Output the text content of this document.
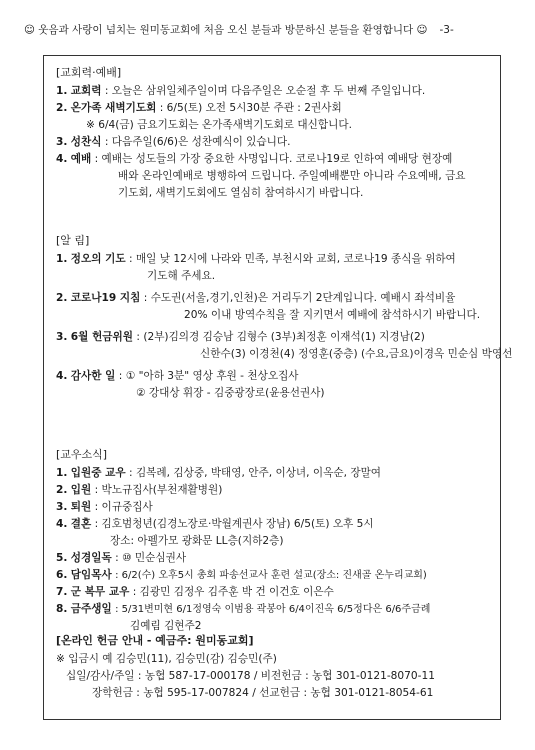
☺ 웃음과 사랑이 넘치는 원미동교회에 처음 오신 분들과 방문하신 분들을 환영합니다 ☺ -3-
[교회력·예배]
1. 교회력 : 오늘은 삼위일체주일이며 다음주일은 오순절 후 두 번째 주일입니다.
2. 온가족 새벽기도회 : 6/5(토) 오전 5시30분 주관 : 2권사회
※ 6/4(금) 금요기도회는 온가족새벽기도회로 대신합니다.
3. 성찬식 : 다음주일(6/6)은 성찬예식이 있습니다.
4. 예배 : 예배는 성도들의 가장 중요한 사명입니다. 코로나19로 인하여 예배당 현장예
배와 온라인예배로 병행하여 드립니다. 주일예배뿐만 아니라 수요예배, 금요
기도회, 새벽기도회에도 열심히 참여하시기 바랍니다.
[알 림]
1. 정오의 기도 : 매일 낮 12시에 나라와 민족, 부천시와 교회, 코로나19 종식을 위하여
기도해 주세요.
2. 코로나19 지침 : 수도권(서울,경기,인천)은 거리두기 2단계입니다. 예배시 좌석비율
20% 이내 방역수칙을 잘 지키면서 예배에 참석하시기 바랍니다.
3. 6월 헌금위원 : (2부)김의경 김승남 김형수 (3부)최정훈 이재석(1) 지경남(2)
신한수(3) 이경천(4) 정영훈(중층) (수요,금요)이경옥 민순심 박영선
4. 감사한 일 : ① "아하 3분" 영상 후원 - 천상오집사
② 강대상 휘장 - 김중광장로(윤용선권사)
[교우소식]
1. 입원중 교우 : 김복례, 김상중, 박태영, 안주, 이상녀, 이옥순, 장말여
2. 입원 : 박노규집사(부천재활병원)
3. 퇴원 : 이규중집사
4. 결혼 : 김호범청년(김경노장로·박월계권사 장남) 6/5(토) 오후 5시
장소: 아펠가모 광화문 LL층(지하2층)
5. 성경일독 : ⑩ 민순심권사
6. 담임목사 : 6/2(수) 오후5시 총회 파송선교사 훈련 설교(장소: 진새골 온누리교회)
7. 군 복무 교우 : 김광민 김정우 김주훈 박 건 이건호 이은수
8. 금주생일 : 5/31변미현 6/1정영숙 이범용 곽봉아 6/4이진옥 6/5정다은 6/6주금례
김예림 김현주2
[온라인 헌금 안내 - 예금주: 원미동교회]
※ 입금시 예 김승민(11), 김승민(감) 김승민(주)
십일/감사/주일 : 농협 587-17-000178 / 비전헌금 : 농협 301-0121-8070-11
장학헌금 : 농협 595-17-007824 / 선교헌금 : 농협 301-0121-8054-61
